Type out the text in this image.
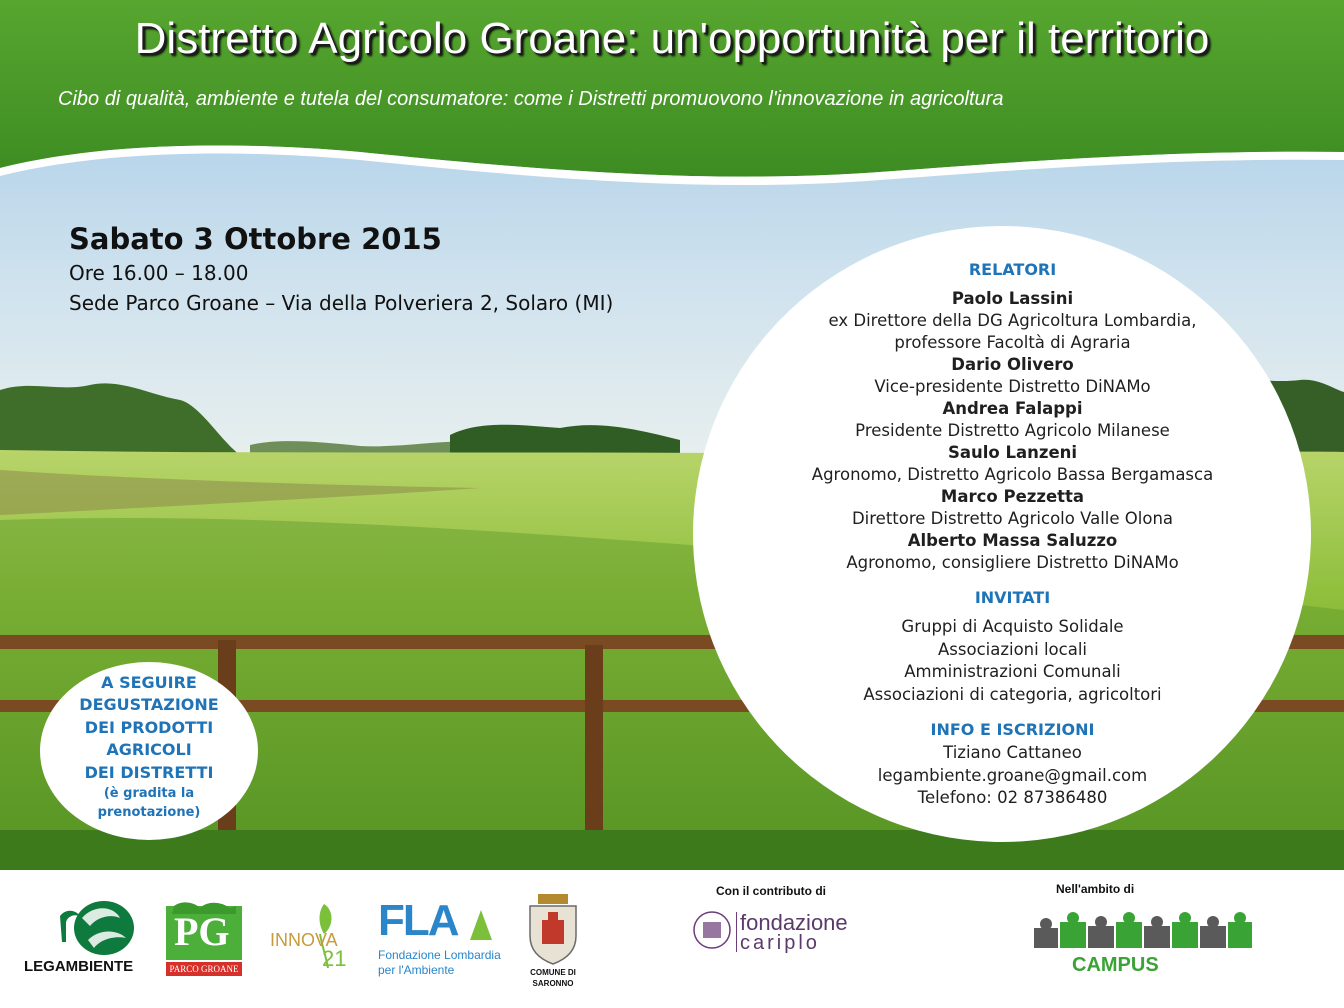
Distretto Agricolo Groane: un'opportunità per il territorio
Cibo di qualità, ambiente e tutela del consumatore: come i Distretti promuovono l'innovazione in agricoltura
Sabato 3 Ottobre 2015
Ore 16.00 – 18.00
Sede Parco Groane – Via della Polveriera 2, Solaro (MI)
RELATORI
Paolo Lassini
ex Direttore della DG Agricoltura Lombardia,
professore Facoltà di Agraria
Dario Olivero
Vice-presidente Distretto DiNAMo
Andrea Falappi
Presidente Distretto Agricolo Milanese
Saulo Lanzeni
Agronomo, Distretto Agricolo Bassa Bergamasca
Marco Pezzetta
Direttore Distretto Agricolo Valle Olona
Alberto Massa Saluzzo
Agronomo, consigliere Distretto DiNAMo
INVITATI
Gruppi di Acquisto Solidale
Associazioni locali
Amministrazioni Comunali
Associazioni di categoria, agricoltori
INFO E ISCRIZIONI
Tiziano Cattaneo
legambiente.groane@gmail.com
Telefono: 02 87386480
A SEGUIRE
DEGUSTAZIONE
DEI PRODOTTI
AGRICOLI
DEI DISTRETTI
(è gradita la
prenotazione)
LEGAMBIENTE
PG
PARCO GROANE
INNOVA
21
FLA
Fondazione Lombardia
per l'Ambiente	COMUNE DI
SARONNO
Con il contributo di
fondazione
cariplo
Nell'ambito di
CAMPUS
